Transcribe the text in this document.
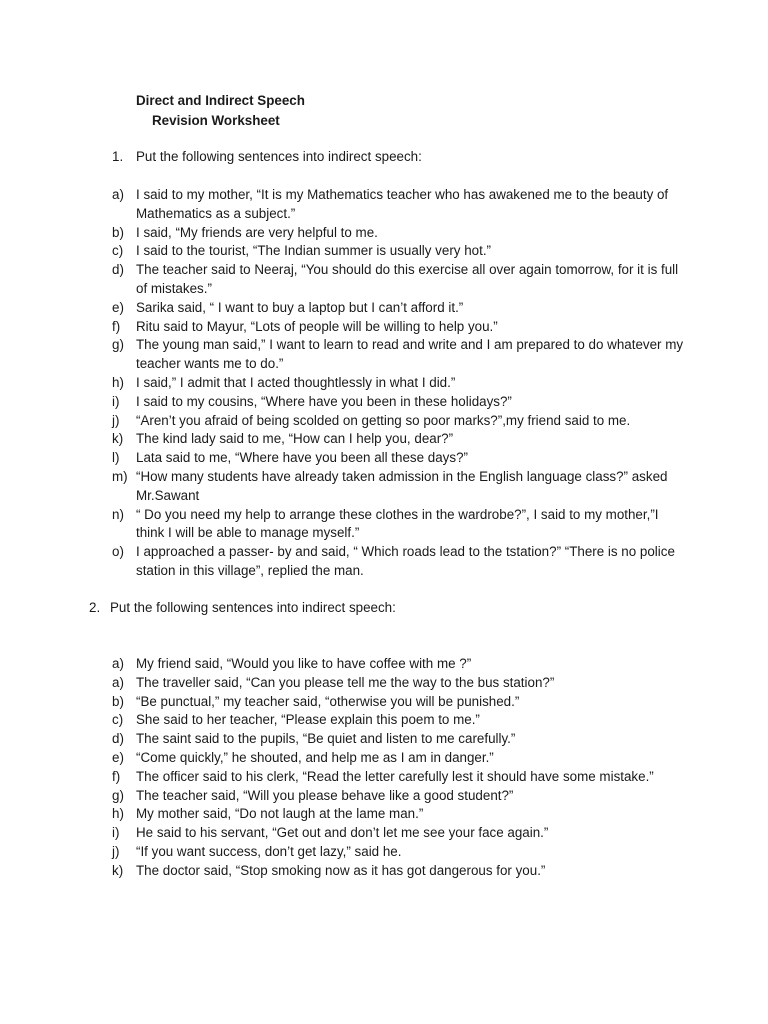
Direct and Indirect Speech
Revision Worksheet
1. Put the following sentences into indirect speech:
a) I said to my mother, “It is my Mathematics teacher who has awakened me to the beauty of Mathematics as a subject.”
b) I said, “My friends are very helpful to me.
c) I said to the tourist, “The Indian summer is usually very hot.”
d) The teacher said to Neeraj, “You should do this exercise all over again tomorrow, for it is full of mistakes.”
e) Sarika said, “ I want to buy a laptop but I can’t afford it.”
f) Ritu said to Mayur, “Lots of people will be willing to help you.”
g) The young man said,” I want to learn to read and write and I am prepared to do whatever my teacher wants me to do.”
h) I said,” I admit that I acted thoughtlessly in what I did.”
i) I said to my cousins, “Where have you been in these holidays?”
j) “Aren’t you afraid of being scolded on getting so poor marks?”,my friend said to me.
k) The kind lady said to me, “How can I help you, dear?”
l) Lata said to me, “Where have you been all these days?”
m) “How many students have already taken admission in the English language class?” asked Mr.Sawant
n) “ Do you need my help to arrange these clothes in the wardrobe?”, I said to my mother,”I think I will be able to manage myself.”
o) I approached a passer- by and said, “ Which roads lead to the tstation?” “There is no police station in this village”, replied the man.
2. Put the following sentences into indirect speech:
a) My friend said, “Would you like to have coffee with me ?”
a) The traveller said, “Can you please tell me the way to the bus station?”
b) “Be punctual,” my teacher said, “otherwise you will be punished.”
c) She said to her teacher, “Please explain this poem to me.”
d) The saint said to the pupils, “Be quiet and listen to me carefully.”
e) “Come quickly,” he shouted, and help me as I am in danger.”
f) The officer said to his clerk, “Read the letter carefully lest it should have some mistake.”
g) The teacher said, “Will you please behave like a good student?”
h) My mother said, “Do not laugh at the lame man.”
i) He said to his servant, “Get out and don’t let me see your face again.”
j) “If you want success, don’t get lazy,” said he.
k) The doctor said, “Stop smoking now as it has got dangerous for you.”
